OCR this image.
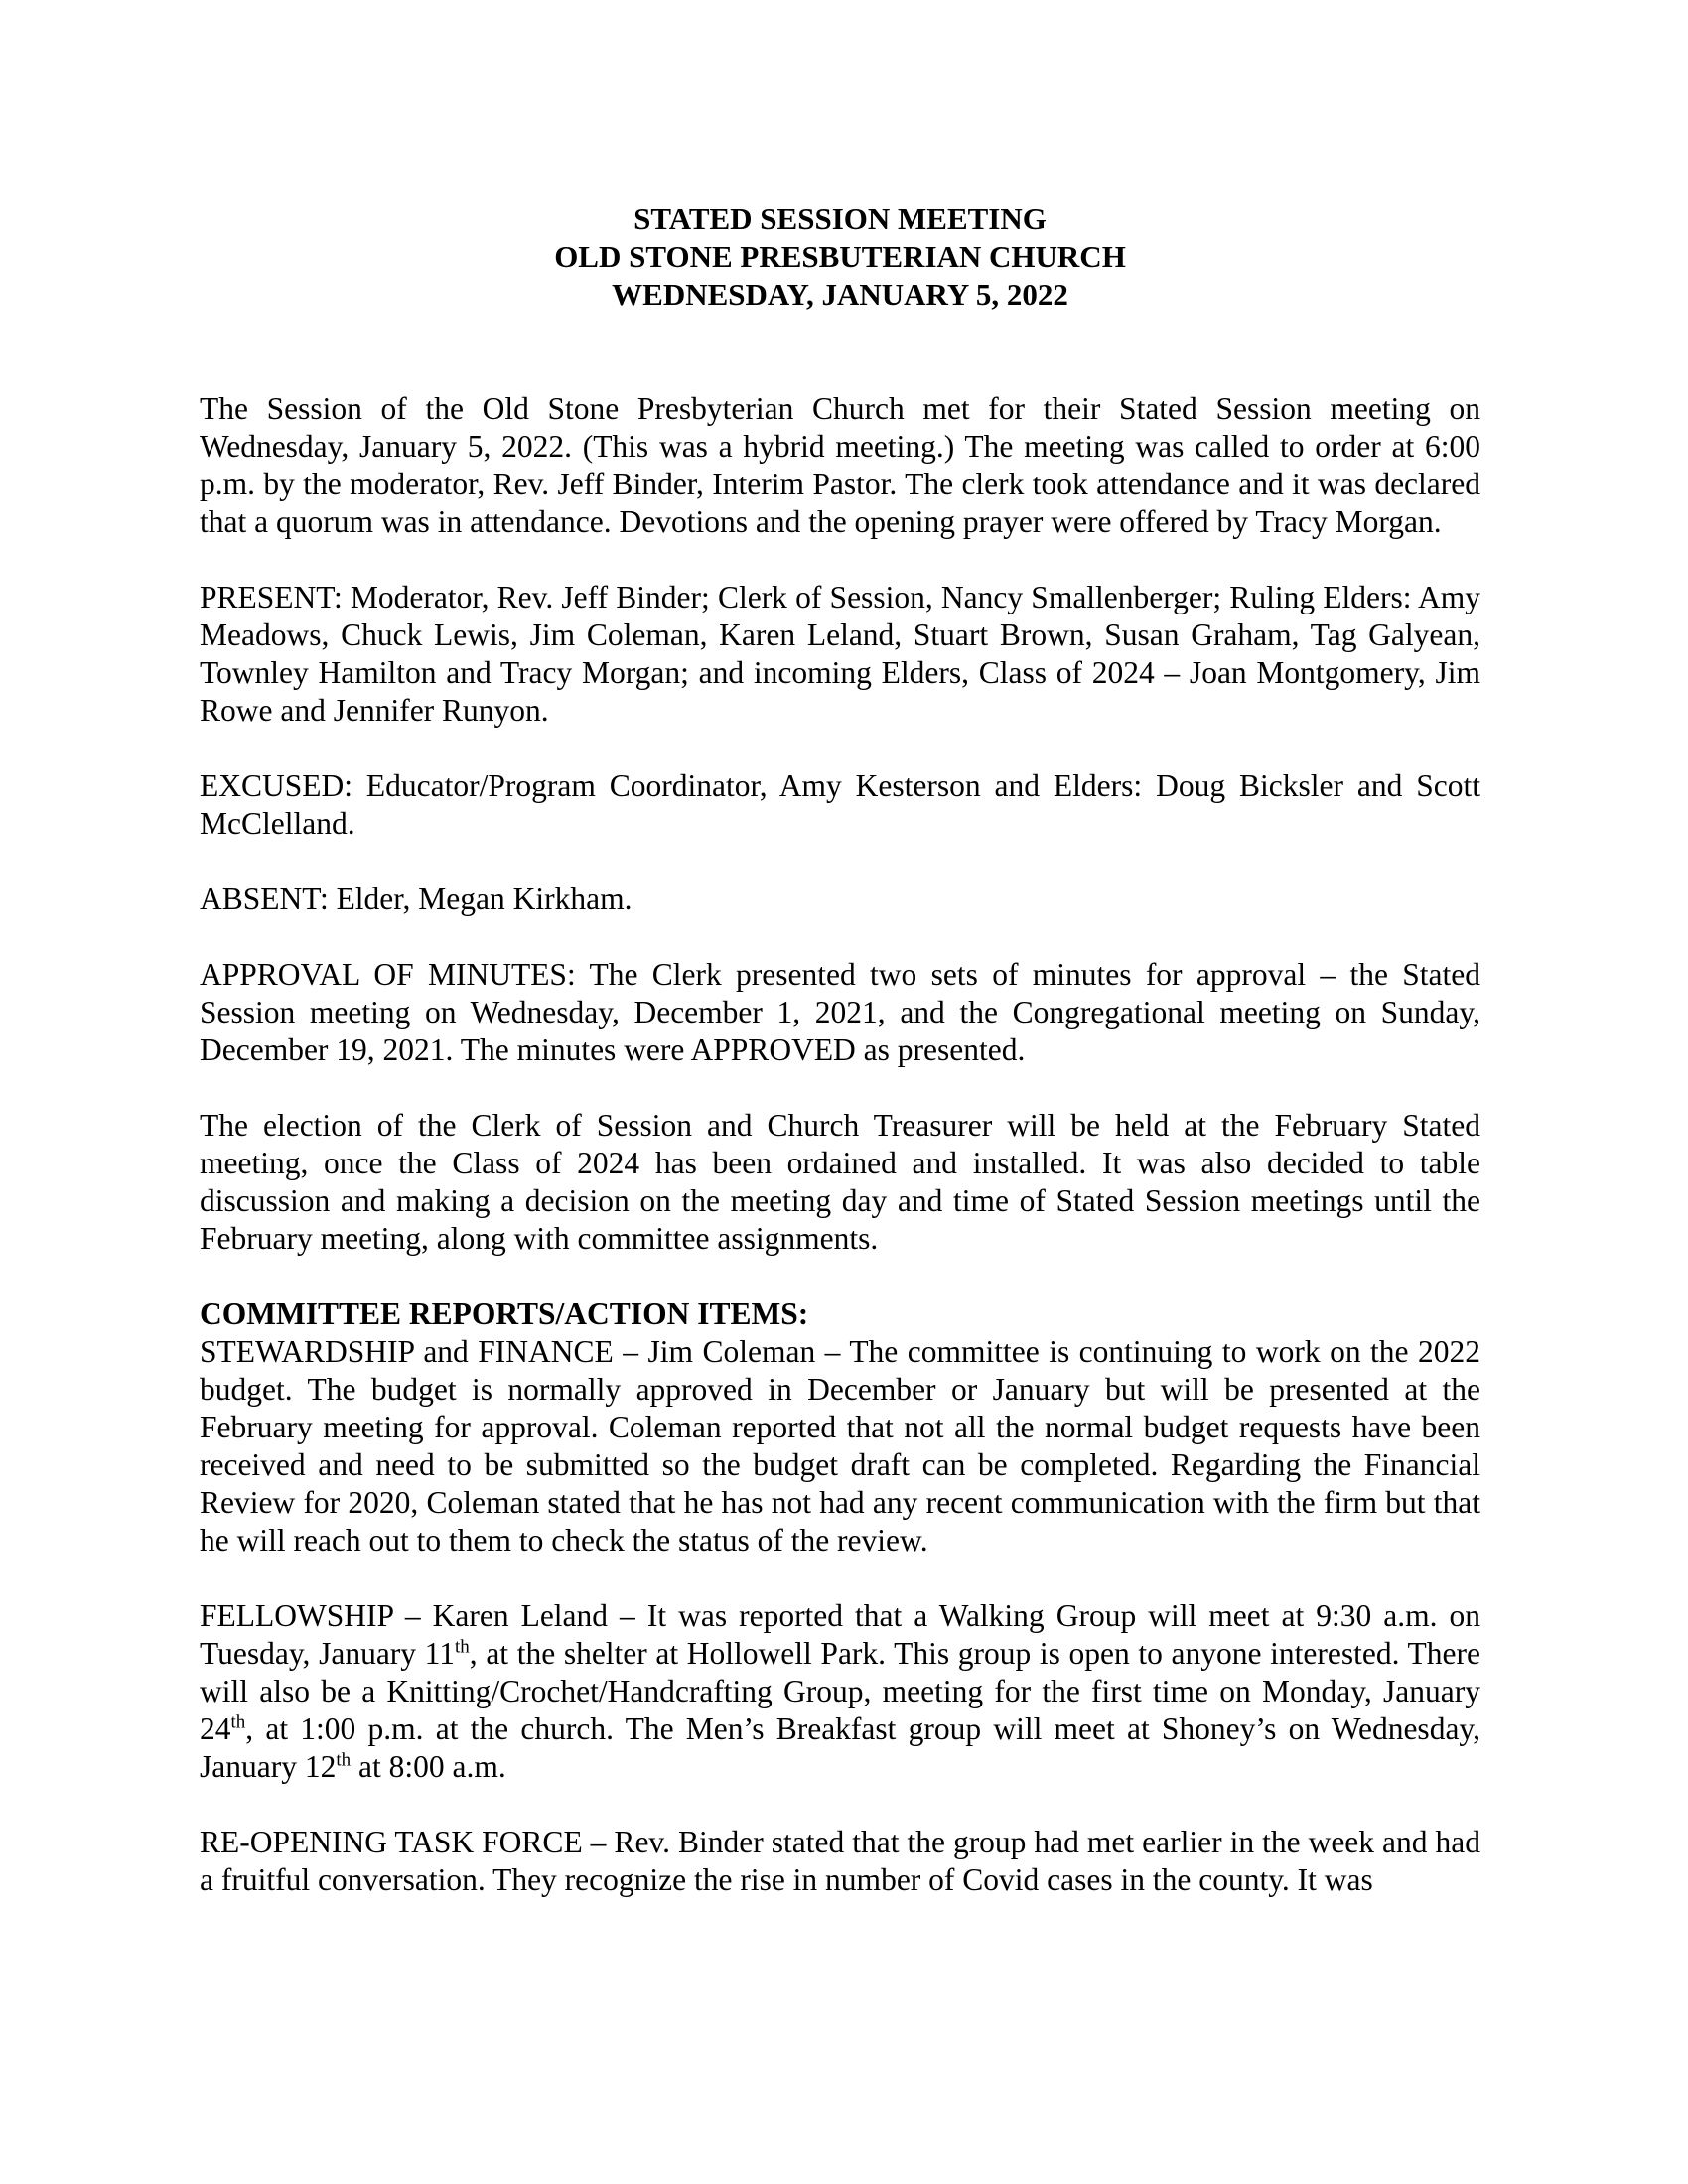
STATED SESSION MEETING
OLD STONE PRESBUTERIAN CHURCH
WEDNESDAY, JANUARY 5, 2022

The Session of the Old Stone Presbyterian Church met for their Stated Session meeting on Wednesday, January 5, 2022. (This was a hybrid meeting.) The meeting was called to order at 6:00 p.m. by the moderator, Rev. Jeff Binder, Interim Pastor. The clerk took attendance and it was declared that a quorum was in attendance. Devotions and the opening prayer were offered by Tracy Morgan.

PRESENT: Moderator, Rev. Jeff Binder; Clerk of Session, Nancy Smallenberger; Ruling Elders: Amy Meadows, Chuck Lewis, Jim Coleman, Karen Leland, Stuart Brown, Susan Graham, Tag Galyean, Townley Hamilton and Tracy Morgan; and incoming Elders, Class of 2024 – Joan Montgomery, Jim Rowe and Jennifer Runyon.

EXCUSED: Educator/Program Coordinator, Amy Kesterson and Elders: Doug Bicksler and Scott McClelland.

ABSENT: Elder, Megan Kirkham.

APPROVAL OF MINUTES: The Clerk presented two sets of minutes for approval – the Stated Session meeting on Wednesday, December 1, 2021, and the Congregational meeting on Sunday, December 19, 2021. The minutes were APPROVED as presented.

The election of the Clerk of Session and Church Treasurer will be held at the February Stated meeting, once the Class of 2024 has been ordained and installed. It was also decided to table discussion and making a decision on the meeting day and time of Stated Session meetings until the February meeting, along with committee assignments.

COMMITTEE REPORTS/ACTION ITEMS:

STEWARDSHIP and FINANCE – Jim Coleman – The committee is continuing to work on the 2022 budget. The budget is normally approved in December or January but will be presented at the February meeting for approval. Coleman reported that not all the normal budget requests have been received and need to be submitted so the budget draft can be completed. Regarding the Financial Review for 2020, Coleman stated that he has not had any recent communication with the firm but that he will reach out to them to check the status of the review.

FELLOWSHIP – Karen Leland – It was reported that a Walking Group will meet at 9:30 a.m. on Tuesday, January 11th, at the shelter at Hollowell Park. This group is open to anyone interested. There will also be a Knitting/Crochet/Handcrafting Group, meeting for the first time on Monday, January 24th, at 1:00 p.m. at the church. The Men’s Breakfast group will meet at Shoney’s on Wednesday, January 12th at 8:00 a.m.

RE-OPENING TASK FORCE – Rev. Binder stated that the group had met earlier in the week and had a fruitful conversation. They recognize the rise in number of Covid cases in the county. It was
